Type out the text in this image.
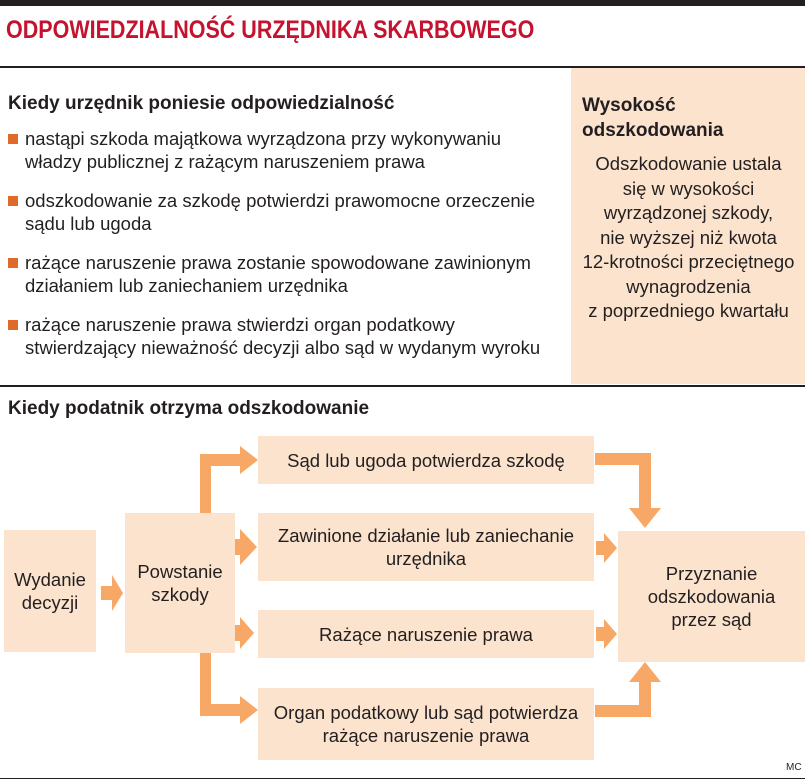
ODPOWIEDZIALNOŚĆ URZĘDNIKA SKARBOWEGO
Kiedy urzędnik poniesie odpowiedzialność
nastąpi szkoda majątkowa wyrządzona przy wykonywaniu
władzy publicznej z rażącym naruszeniem prawa
odszkodowanie za szkodę potwierdzi prawomocne orzeczenie
sądu lub ugoda
rażące naruszenie prawa zostanie spowodowane zawinionym
działaniem lub zaniechaniem urzędnika
rażące naruszenie prawa stwierdzi organ podatkowy
stwierdzający nieważność decyzji albo sąd w wydanym wyroku
Wysokość
odszkodowania
Odszkodowanie ustala
się w wysokości
wyrządzonej szkody,
nie wyższej niż kwota
12-krotności przeciętnego
wynagrodzenia
z poprzedniego kwartału
Kiedy podatnik otrzyma odszkodowanie
Wydanie
decyzji
Powstanie
szkody
Sąd lub ugoda potwierdza szkodę
Zawinione działanie lub zaniechanie
urzędnika
Rażące naruszenie prawa
Organ podatkowy lub sąd potwierdza
rażące naruszenie prawa
Przyznanie
odszkodowania
przez sąd
MC
